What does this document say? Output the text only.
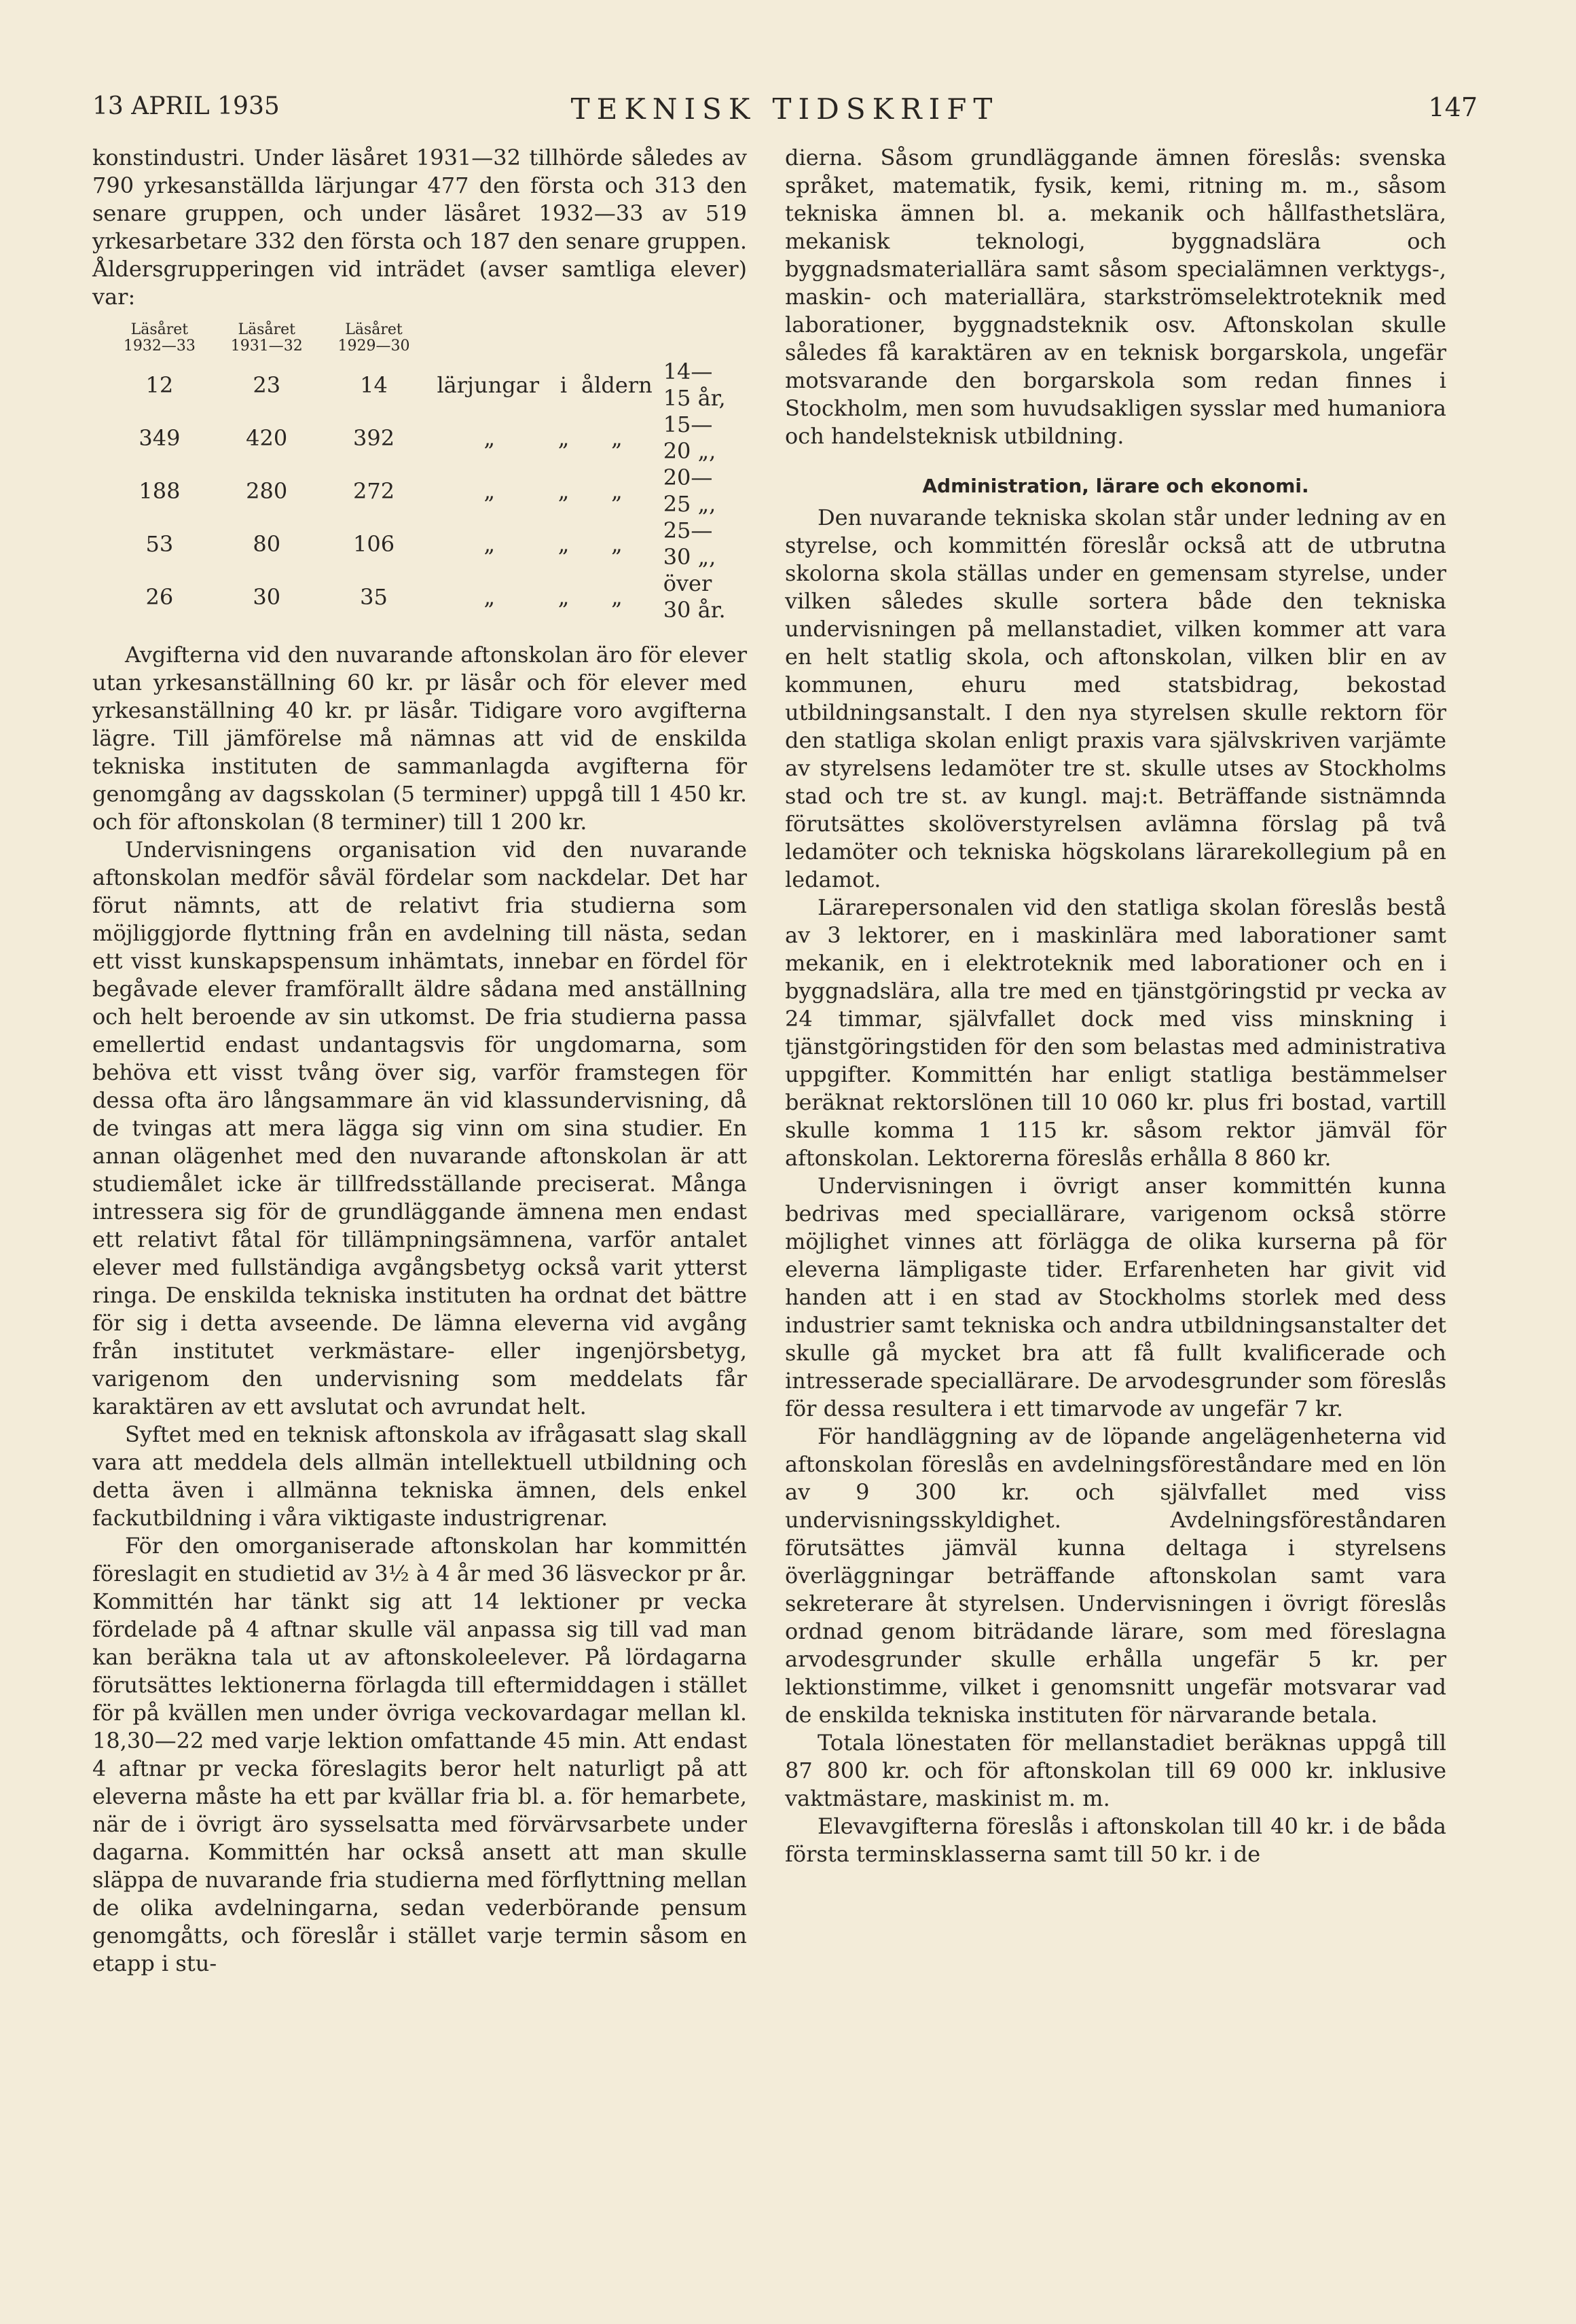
13 APRIL 1935	TEKNISK TIDSKRIFT	147

konstindustri. Under läsåret 1931—32 tillhörde således av 790 yrkesanställda lärjungar 477 den första och 313 den senare gruppen, och under läsåret 1932—33 av 519 yrkesarbetare 332 den första och 187 den senare gruppen. Åldersgrupperingen vid inträdet (avser samtliga elever) var:

Läsåret 1932—33	Läsåret 1931—32	Läsåret 1929—30				
12	23	14	lärjungar	i	åldern	14—15 år,
349	420	392	„	„	„	15—20 „,
188	280	272	„	„	„	20—25 „,
53	80	106	„	„	„	25—30 „,
26	30	35	„	„	„	över 30 år.

Avgifterna vid den nuvarande aftonskolan äro för elever utan yrkesanställning 60 kr. pr läsår och för elever med yrkesanställning 40 kr. pr läsår. Tidigare voro avgifterna lägre. Till jämförelse må nämnas att vid de enskilda tekniska instituten de sammanlagda avgifterna för genomgång av dagsskolan (5 terminer) uppgå till 1 450 kr. och för aftonskolan (8 terminer) till 1 200 kr.

Undervisningens organisation vid den nuvarande aftonskolan medför såväl fördelar som nackdelar. Det har förut nämnts, att de relativt fria studierna som möjliggjorde flyttning från en avdelning till nästa, sedan ett visst kunskapspensum inhämtats, innebar en fördel för begåvade elever framförallt äldre sådana med anställning och helt beroende av sin utkomst. De fria studierna passa emellertid endast undantagsvis för ungdomarna, som behöva ett visst tvång över sig, varför framstegen för dessa ofta äro långsammare än vid klassundervisning, då de tvingas att mera lägga sig vinn om sina studier. En annan olägenhet med den nuvarande aftonskolan är att studiemålet icke är tillfredsställande preciserat. Många intressera sig för de grundläggande ämnena men endast ett relativt fåtal för tillämpningsämnena, varför antalet elever med fullständiga avgångsbetyg också varit ytterst ringa. De enskilda tekniska instituten ha ordnat det bättre för sig i detta avseende. De lämna eleverna vid avgång från institutet verkmästare- eller ingenjörsbetyg, varigenom den undervisning som meddelats får karaktären av ett avslutat och avrundat helt.

Syftet med en teknisk aftonskola av ifrågasatt slag skall vara att meddela dels allmän intellektuell utbildning och detta även i allmänna tekniska ämnen, dels enkel fackutbildning i våra viktigaste industrigrenar.

För den omorganiserade aftonskolan har kommittén föreslagit en studietid av 3½ à 4 år med 36 läsveckor pr år. Kommittén har tänkt sig att 14 lektioner pr vecka fördelade på 4 aftnar skulle väl anpassa sig till vad man kan beräkna tala ut av aftonskoleelever. På lördagarna förutsättes lektionerna förlagda till eftermiddagen i stället för på kvällen men under övriga veckovardagar mellan kl. 18,30—22 med varje lektion omfattande 45 min. Att endast 4 aftnar pr vecka föreslagits beror helt naturligt på att eleverna måste ha ett par kvällar fria bl. a. för hemarbete, när de i övrigt äro sysselsatta med förvärvsarbete under dagarna. Kommittén har också ansett att man skulle släppa de nuvarande fria studierna med förflyttning mellan de olika avdelningarna, sedan vederbörande pensum genomgåtts, och föreslår i stället varje termin såsom en etapp i stu-

dierna. Såsom grundläggande ämnen föreslås: svenska språket, matematik, fysik, kemi, ritning m. m., såsom tekniska ämnen bl. a. mekanik och hållfasthetslära, mekanisk teknologi, byggnadslära och byggnadsmateriallära samt såsom specialämnen verktygs-, maskin- och materiallära, starkströmselektroteknik med laborationer, byggnadsteknik osv. Aftonskolan skulle således få karaktären av en teknisk borgarskola, ungefär motsvarande den borgarskola som redan finnes i Stockholm, men som huvudsakligen sysslar med humaniora och handelsteknisk utbildning.

Administration, lärare och ekonomi.

Den nuvarande tekniska skolan står under ledning av en styrelse, och kommittén föreslår också att de utbrutna skolorna skola ställas under en gemensam styrelse, under vilken således skulle sortera både den tekniska undervisningen på mellanstadiet, vilken kommer att vara en helt statlig skola, och aftonskolan, vilken blir en av kommunen, ehuru med statsbidrag, bekostad utbildningsanstalt. I den nya styrelsen skulle rektorn för den statliga skolan enligt praxis vara självskriven varjämte av styrelsens ledamöter tre st. skulle utses av Stockholms stad och tre st. av kungl. maj:t. Beträffande sistnämnda förutsättes skolöverstyrelsen avlämna förslag på två ledamöter och tekniska högskolans lärarekollegium på en ledamot.

Lärarepersonalen vid den statliga skolan föreslås bestå av 3 lektorer, en i maskinlära med laborationer samt mekanik, en i elektroteknik med laborationer och en i byggnadslära, alla tre med en tjänstgöringstid pr vecka av 24 timmar, självfallet dock med viss minskning i tjänstgöringstiden för den som belastas med administrativa uppgifter. Kommittén har enligt statliga bestämmelser beräknat rektorslönen till 10 060 kr. plus fri bostad, vartill skulle komma 1 115 kr. såsom rektor jämväl för aftonskolan. Lektorerna föreslås erhålla 8 860 kr.

Undervisningen i övrigt anser kommittén kunna bedrivas med speciallärare, varigenom också större möjlighet vinnes att förlägga de olika kurserna på för eleverna lämpligaste tider. Erfarenheten har givit vid handen att i en stad av Stockholms storlek med dess industrier samt tekniska och andra utbildningsanstalter det skulle gå mycket bra att få fullt kvalificerade och intresserade speciallärare. De arvodesgrunder som föreslås för dessa resultera i ett timarvode av ungefär 7 kr.

För handläggning av de löpande angelägenheterna vid aftonskolan föreslås en avdelningsföreståndare med en lön av 9 300 kr. och självfallet med viss undervisningsskyldighet. Avdelningsföreståndaren förutsättes jämväl kunna deltaga i styrelsens överläggningar beträffande aftonskolan samt vara sekreterare åt styrelsen. Undervisningen i övrigt föreslås ordnad genom biträdande lärare, som med föreslagna arvodesgrunder skulle erhålla ungefär 5 kr. per lektionstimme, vilket i genomsnitt ungefär motsvarar vad de enskilda tekniska instituten för närvarande betala.

Totala lönestaten för mellanstadiet beräknas uppgå till 87 800 kr. och för aftonskolan till 69 000 kr. inklusive vaktmästare, maskinist m. m.

Elevavgifterna föreslås i aftonskolan till 40 kr. i de båda första terminsklasserna samt till 50 kr. i de
